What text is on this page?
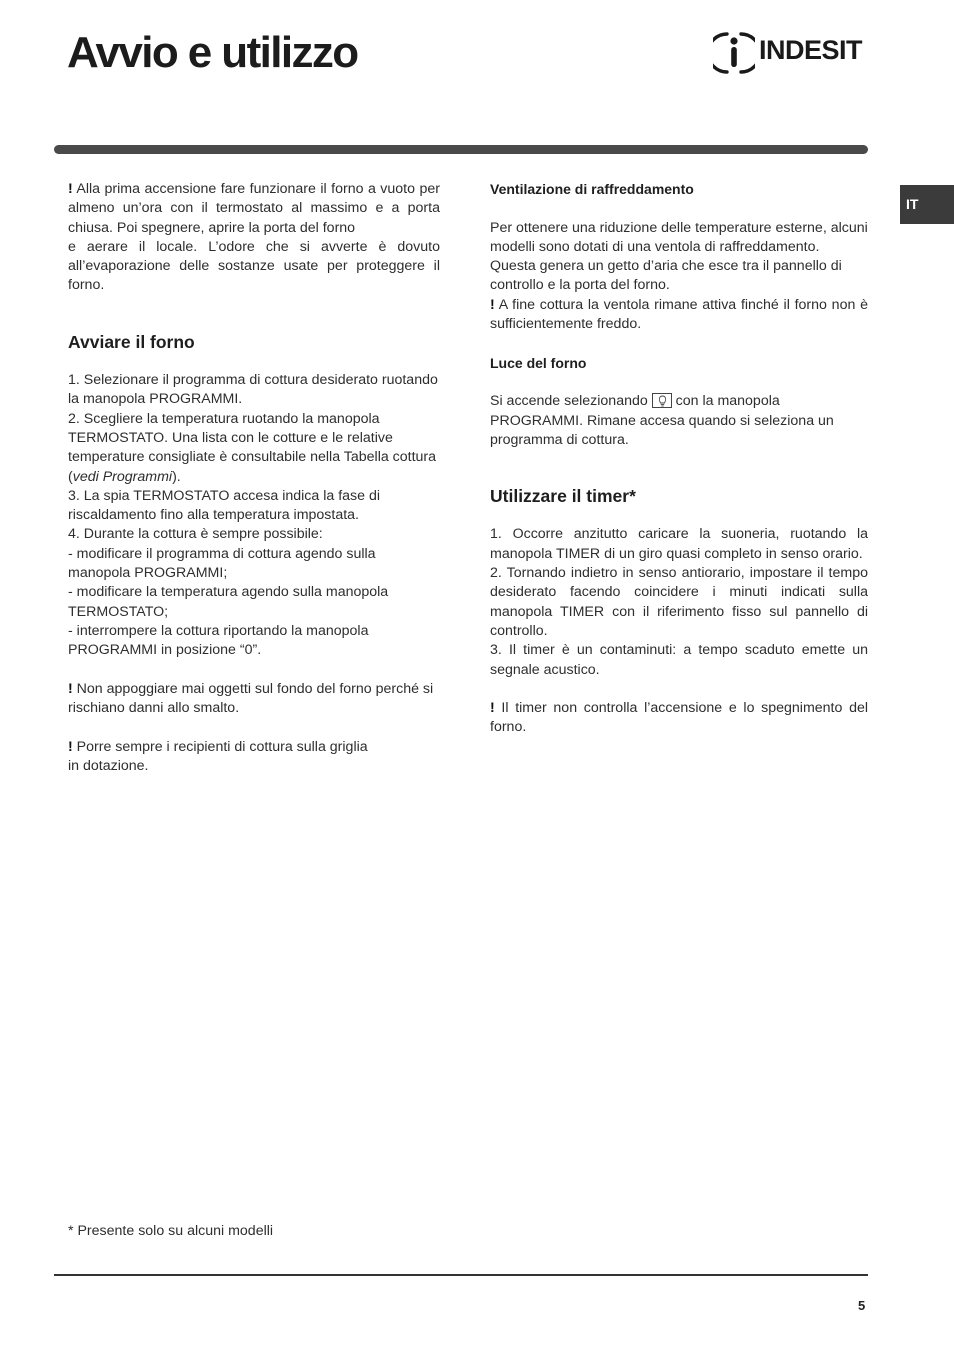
Avvio e utilizzo	INDESIT
IT

! Alla prima accensione fare funzionare il forno a vuoto per almeno un’ora con il termostato al massimo e a porta chiusa. Poi spegnere, aprire la porta del forno
e aerare il locale. L’odore che si avverte è dovuto all’evaporazione delle sostanze usate per proteggere il forno.

Avviare il forno

1. Selezionare il programma di cottura desiderato ruotando la manopola PROGRAMMI.
2. Scegliere la temperatura ruotando la manopola TERMOSTATO. Una lista con le cotture e le relative temperature consigliate è consultabile nella Tabella cottura (vedi Programmi).
3. La spia TERMOSTATO accesa indica la fase di riscaldamento fino alla temperatura impostata.
4. Durante la cottura è sempre possibile:
- modificare il programma di cottura agendo sulla manopola PROGRAMMI;
- modificare la temperatura agendo sulla manopola TERMOSTATO;
- interrompere la cottura riportando la manopola PROGRAMMI in posizione “0”.

! Non appoggiare mai oggetti sul fondo del forno perché si rischiano danni allo smalto.

! Porre sempre i recipienti di cottura sulla griglia
in dotazione.

Ventilazione di raffreddamento

Per ottenere una riduzione delle temperature esterne, alcuni modelli sono dotati di una ventola di raffreddamento. Questa genera un getto d’aria che esce tra il pannello di controllo e la porta del forno.

! A fine cottura la ventola rimane attiva finché il forno non è sufficientemente freddo.

Luce del forno

Si accende selezionando
con la manopola PROGRAMMI. Rimane accesa quando si seleziona un programma di cottura.

Utilizzare il timer*

1. Occorre anzitutto caricare la suoneria, ruotando la manopola TIMER di un giro quasi completo in senso orario.
2. Tornando indietro in senso antiorario, impostare il tempo desiderato facendo coincidere i minuti indicati sulla manopola TIMER con il riferimento fisso sul pannello di controllo.
3. Il timer è un contaminuti: a tempo scaduto emette un segnale acustico.

! Il timer non controlla l’accensione e lo spegnimento del forno.

* Presente solo su alcuni modelli

5
